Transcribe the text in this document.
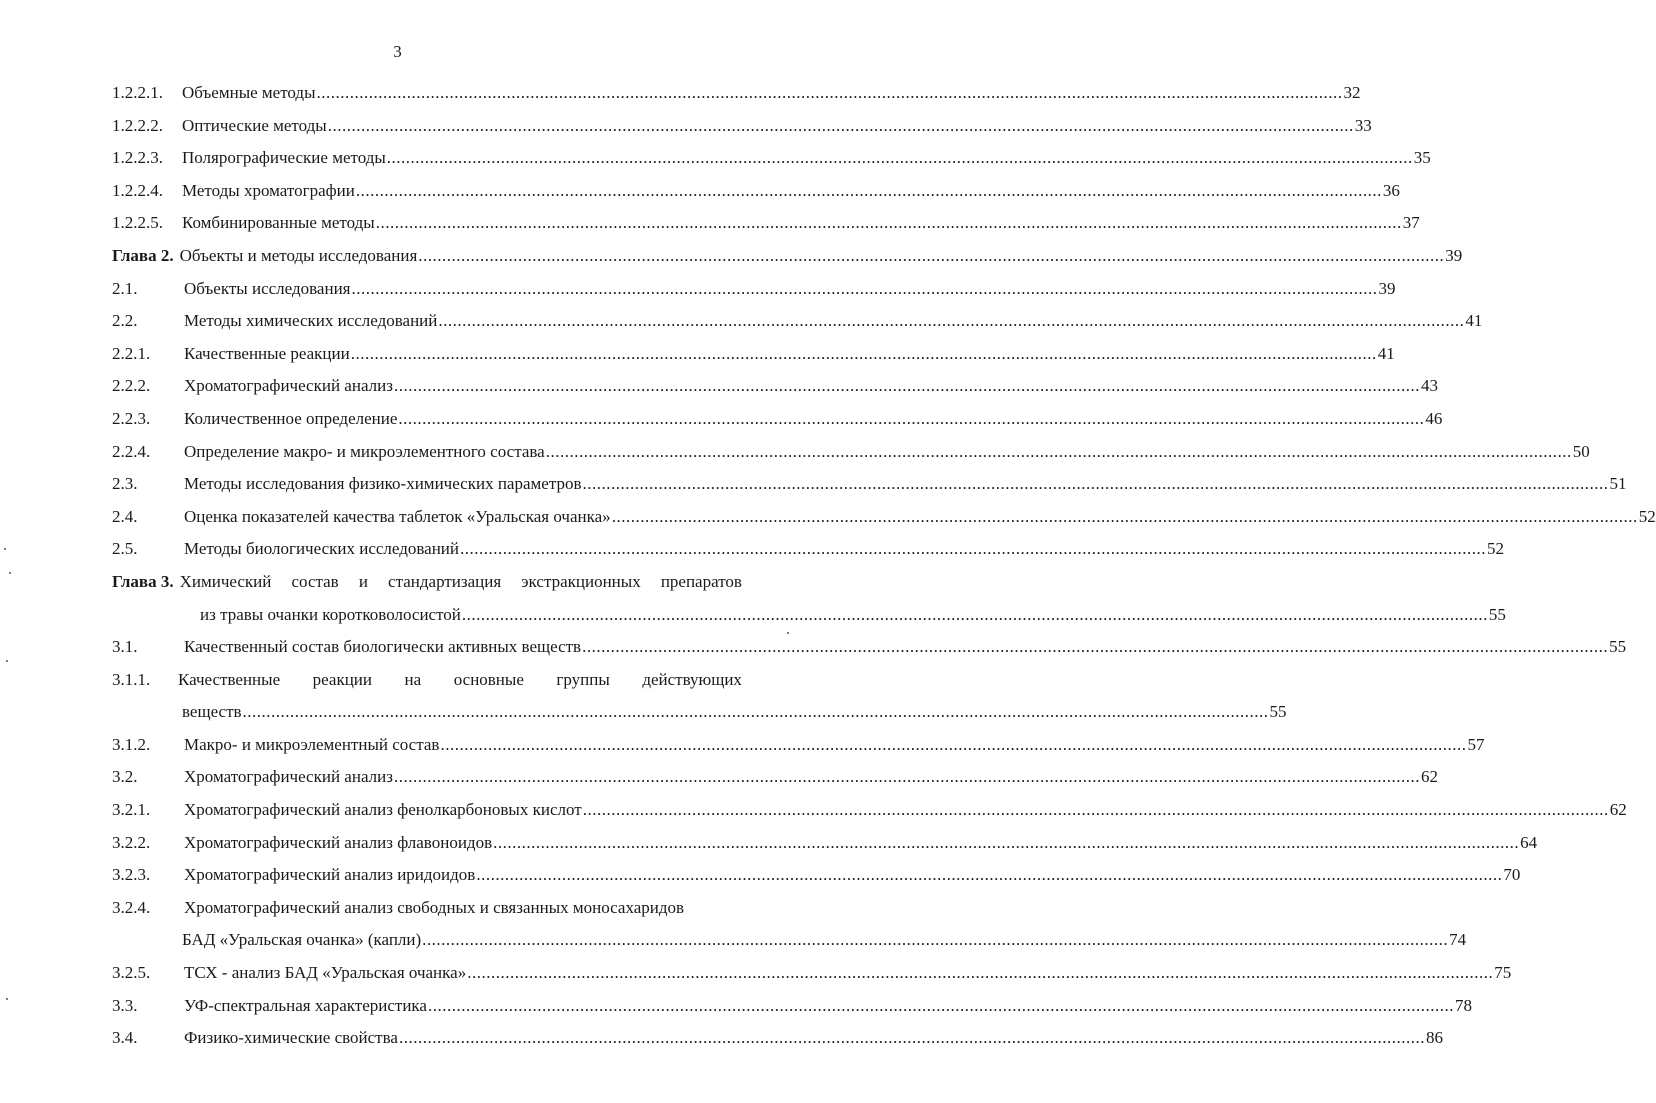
3
1.2.2.1.	Объемные методы .....	32
1.2.2.2.	Оптические методы .....	33
1.2.2.3.	Полярографические методы .....	35
1.2.2.4.	Методы хроматографии .....	36
1.2.2.5.	Комбинированные методы .....	37
Глава 2. Объекты и методы исследования .....	39
2.1.	Объекты исследования .....	39
2.2.	Методы химических исследований .....	41
2.2.1.	Качественные реакции .....	41
2.2.2.	Хроматографический анализ .....	43
2.2.3.	Количественное определение .....	46
2.2.4.	Определение макро- и микроэлементного состава .....	50
2.3.	Методы исследования физико-химических параметров .....	51
2.4.	Оценка показателей качества таблеток «Уральская очанка» .....	52
2.5.	Методы биологических исследований .....	52
Глава 3. Химический состав и стандартизация экстракционных препаратов
из травы очанки коротковолосистой .....	55
3.1.	Качественный состав биологически активных веществ .....	55
3.1.1.	Качественные реакции на основные группы действующих
веществ .....	55
3.1.2.	Макро- и микроэлементный состав .....	57
3.2.	Хроматографический анализ .....	62
3.2.1.	Хроматографический анализ фенолкарбоновых кислот .....	62
3.2.2.	Хроматографический анализ флавоноидов .....	64
3.2.3.	Хроматографический анализ иридоидов .....	70
3.2.4.	Хроматографический анализ свободных и связанных моносахаридов
БАД «Уральская очанка» (капли) .....	74
3.2.5.	ТСХ - анализ БАД «Уральская очанка» .....	75
3.3.	УФ-спектральная характеристика .....	78
3.4.	Физико-химические свойства .....	86
